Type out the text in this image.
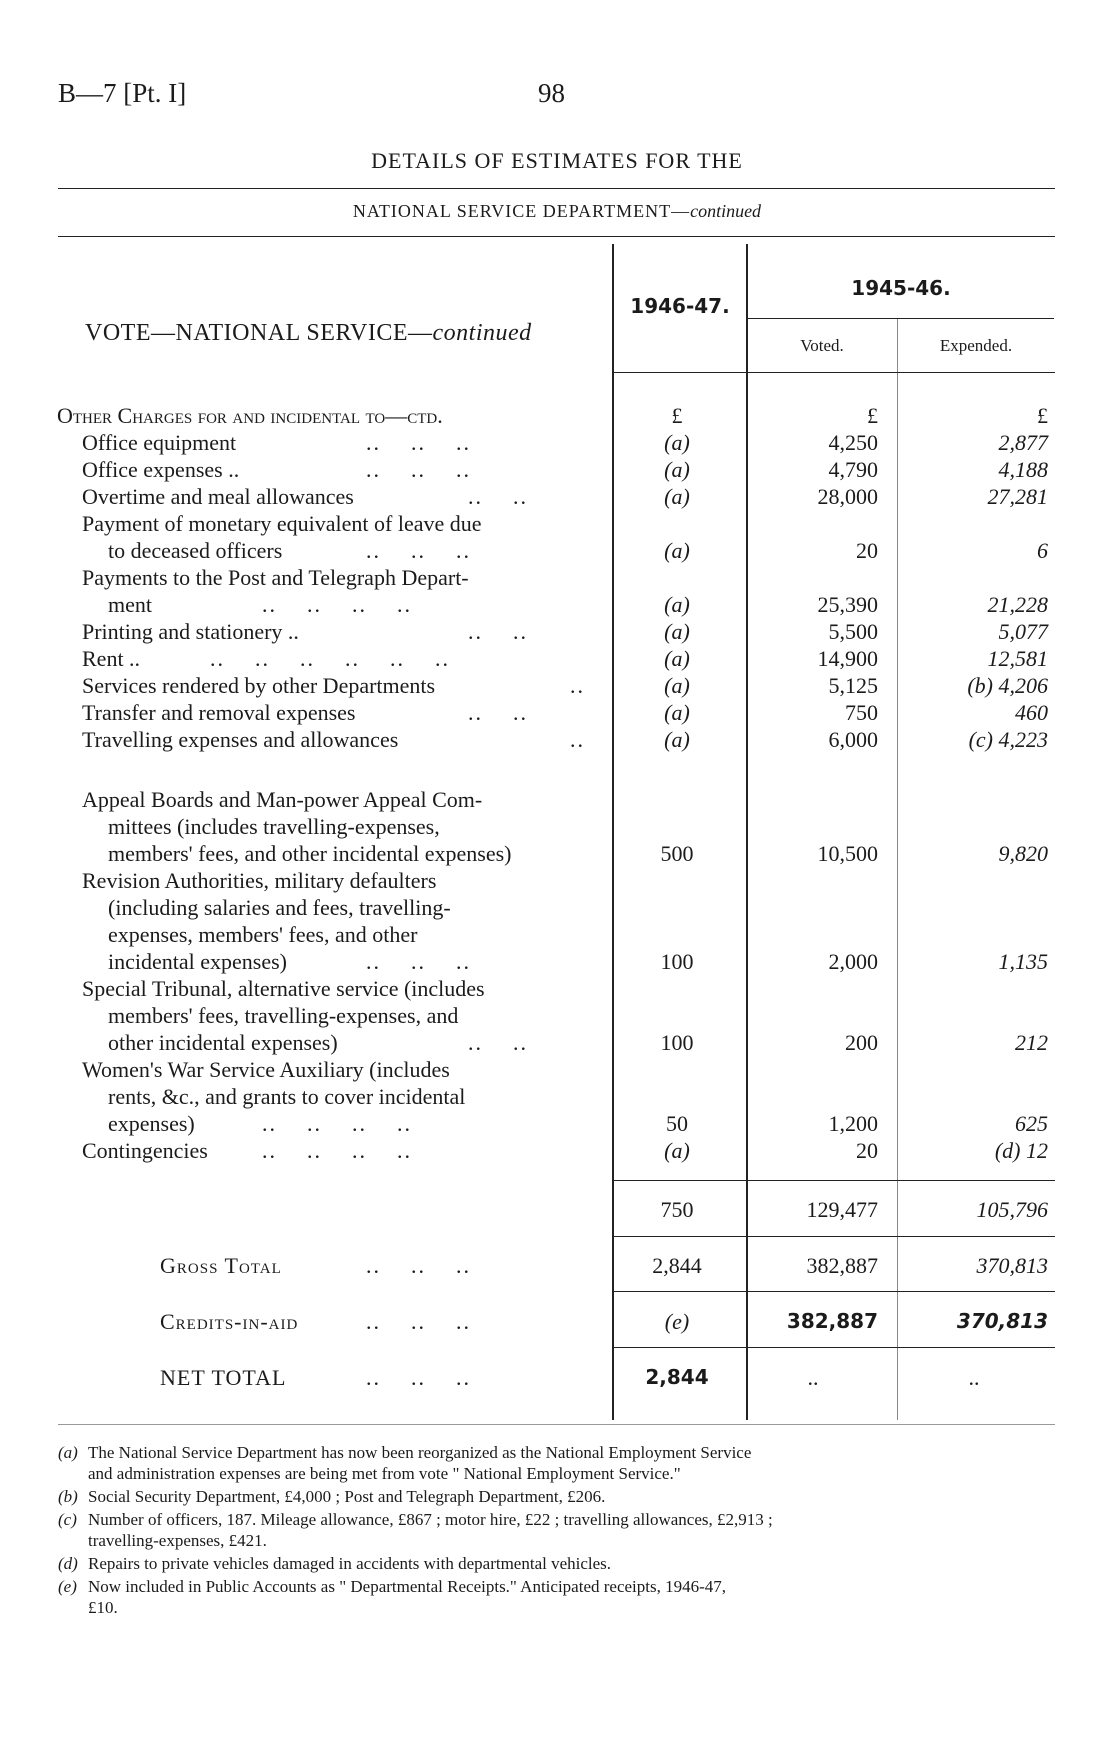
B—7 [Pt. I]	98
DETAILS OF ESTIMATES FOR THE
NATIONAL SERVICE DEPARTMENT—continued
VOTE—NATIONAL SERVICE—continued
1946-47.
1945-46.
Voted.	Expended.
Other Charges for and incidental to—ctd.	£	£	£
Office equipment	..    ..    ..	(a)	4,250	2,877
Office expenses ..	..    ..    ..	(a)	4,790	4,188
Overtime and meal allowances	..    ..	(a)	28,000	27,281
Payment of monetary equivalent of leave due
to deceased officers	..    ..    ..	(a)	20	6
Payments to the Post and Telegraph Depart-
ment	..    ..    ..    ..	(a)	25,390	21,228
Printing and stationery ..	..    ..	(a)	5,500	5,077
Rent ..	..    ..    ..    ..    ..    ..	(a)	14,900	12,581
Services rendered by other Departments	..	(a)	5,125	(b) 4,206
Transfer and removal expenses	..    ..	(a)	750	460
Travelling expenses and allowances	..	(a)	6,000	(c) 4,223
Appeal Boards and Man-power Appeal Com-
mittees (includes travelling-expenses,
members' fees, and other incidental expenses)	500	10,500	9,820
Revision Authorities, military defaulters
(including salaries and fees, travelling-
expenses, members' fees, and other
incidental expenses)	..    ..    ..	100	2,000	1,135
Special Tribunal, alternative service (includes
members' fees, travelling-expenses, and
other incidental expenses)	..    ..	100	200	212
Women's War Service Auxiliary (includes
rents, &c., and grants to cover incidental
expenses)	..    ..    ..    ..	50	1,200	625
Contingencies ..    ..    ..    ..	(a)	20	(d) 12
750	129,477	105,796
Gross Total	..    ..    ..	2,844	382,887	370,813
Credits-in-aid	..    ..    ..	(e)	382,887	370,813
NET TOTAL	..    ..    ..	2,844	..	..
(a) The National Service Department has now been reorganized as the National Employment Service
and administration expenses are being met from vote " National Employment Service."
(b) Social Security Department, £4,000 ; Post and Telegraph Department, £206.
(c) Number of officers, 187. Mileage allowance, £867 ; motor hire, £22 ; travelling allowances, £2,913 ;
travelling-expenses, £421.
(d) Repairs to private vehicles damaged in accidents with departmental vehicles.
(e) Now included in Public Accounts as " Departmental Receipts." Anticipated receipts, 1946-47,
£10.
